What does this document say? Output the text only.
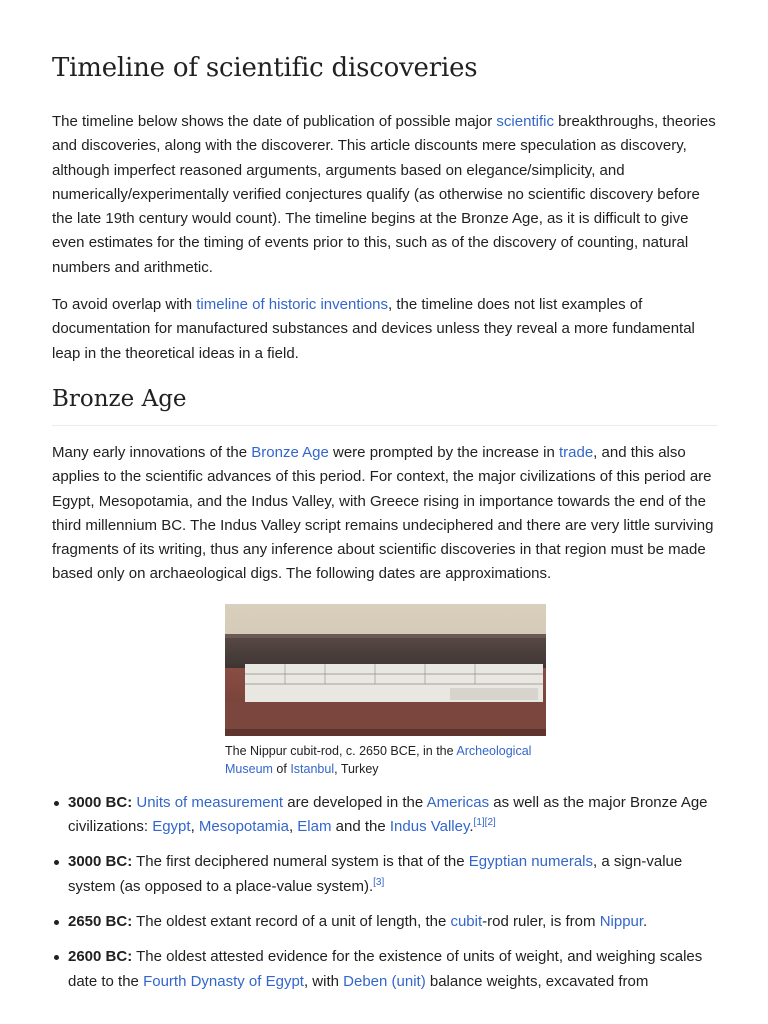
Timeline of scientific discoveries

The timeline below shows the date of publication of possible major scientific breakthroughs, theories and discoveries, along with the discoverer. This article discounts mere speculation as discovery, although imperfect reasoned arguments, arguments based on elegance/simplicity, and numerically/experimentally verified conjectures qualify (as otherwise no scientific discovery before the late 19th century would count). The timeline begins at the Bronze Age, as it is difficult to give even estimates for the timing of events prior to this, such as of the discovery of counting, natural numbers and arithmetic.

To avoid overlap with timeline of historic inventions, the timeline does not list examples of documentation for manufactured substances and devices unless they reveal a more fundamental leap in the theoretical ideas in a field.

Bronze Age

Many early innovations of the Bronze Age were prompted by the increase in trade, and this also applies to the scientific advances of this period. For context, the major civilizations of this period are Egypt, Mesopotamia, and the Indus Valley, with Greece rising in importance towards the end of the third millennium BC. The Indus Valley script remains undeciphered and there are very little surviving fragments of its writing, thus any inference about scientific discoveries in that region must be made based only on archaeological digs. The following dates are approximations.

The Nippur cubit-rod, c. 2650 BCE, in the Archeological Museum of Istanbul, Turkey
3000 BC: Units of measurement are developed in the Americas as well as the major Bronze Age civilizations: Egypt, Mesopotamia, Elam and the Indus Valley.[1][2]
3000 BC: The first deciphered numeral system is that of the Egyptian numerals, a sign-value system (as opposed to a place-value system).[3]
2650 BC: The oldest extant record of a unit of length, the cubit-rod ruler, is from Nippur.
2600 BC: The oldest attested evidence for the existence of units of weight, and weighing scales date to the Fourth Dynasty of Egypt, with Deben (unit) balance weights, excavated from
